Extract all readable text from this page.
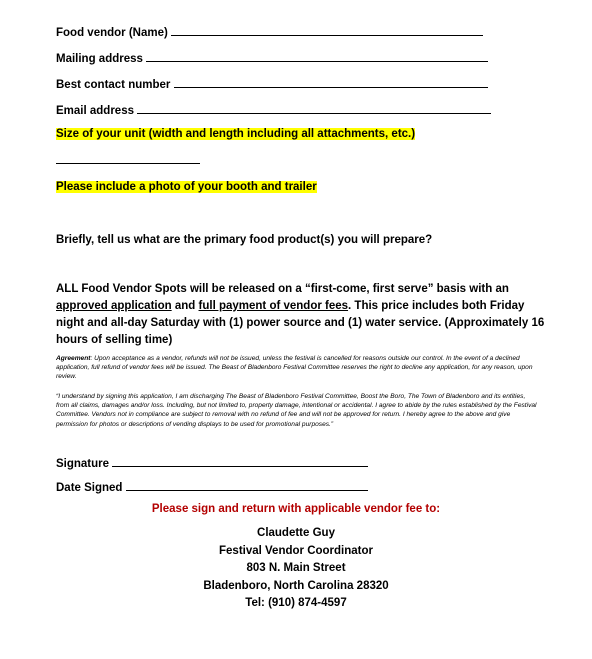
Food vendor (Name)
Mailing address
Best contact number
Email address
Size of your unit (width and length including all attachments, etc.)
Please include a photo of your booth and trailer
Briefly, tell us what are the primary food product(s) you will prepare?
ALL Food Vendor Spots will be released on a “first-come, first serve” basis with an approved application and full payment of vendor fees. This price includes both Friday night and all-day Saturday with (1) power source and (1) water service. (Approximately 16 hours of selling time)
Agreement: Upon acceptance as a vendor, refunds will not be issued, unless the festival is cancelled for reasons outside our control. In the event of a declined application, full refund of vendor fees will be issued. The Beast of Bladenboro Festival Committee reserves the right to decline any application, for any reason, upon review.
“I understand by signing this application, I am discharging The Beast of Bladenboro Festival Committee, Boost the Boro, The Town of Bladenboro and its entities, from all claims, damages and/or loss. Including, but not limited to, property damage, intentional or accidental. I agree to abide by the rules established by the Festival Committee. Vendors not in compliance are subject to removal with no refund of fee and will not be approved for return. I hereby agree to the above and give permission for photos or descriptions of vending displays to be used for promotional purposes.”
Signature
Date Signed
Please sign and return with applicable vendor fee to:
Claudette Guy
Festival Vendor Coordinator
803 N. Main Street
Bladenboro, North Carolina 28320
Tel: (910) 874-4597
